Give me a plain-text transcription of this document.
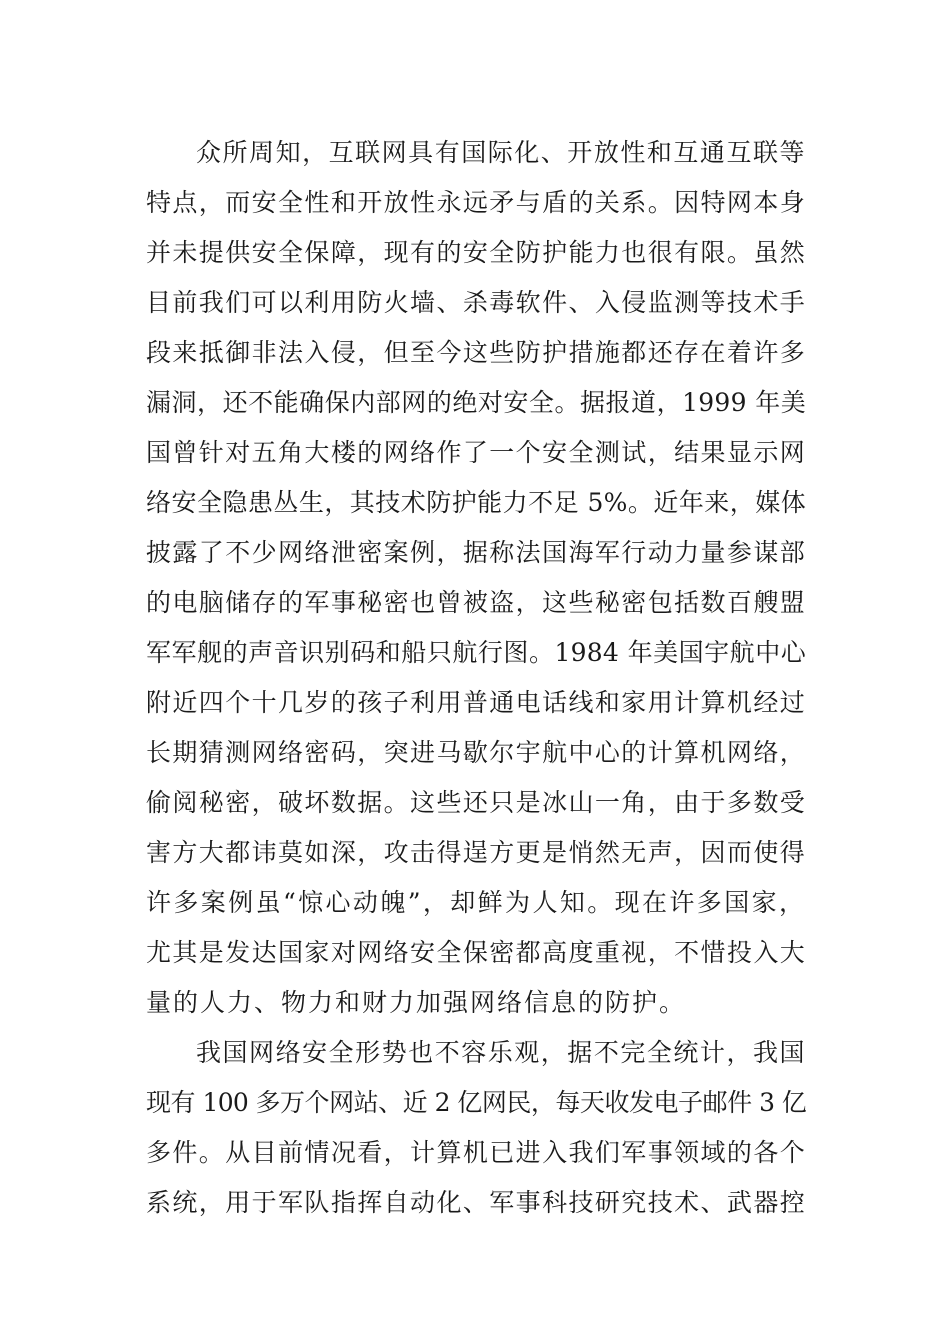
众所周知，互联网具有国际化、开放性和互通互联等
特点，而安全性和开放性永远矛与盾的关系。因特网本身
并未提供安全保障，现有的安全防护能力也很有限。虽然
目前我们可以利用防火墙、杀毒软件、入侵监测等技术手
段来抵御非法入侵，但至今这些防护措施都还存在着许多
漏洞，还不能确保内部网的绝对安全。据报道，1999 年美
国曾针对五角大楼的网络作了一个安全测试，结果显示网
络安全隐患丛生，其技术防护能力不足 5%。近年来，媒体
披露了不少网络泄密案例，据称法国海军行动力量参谋部
的电脑储存的军事秘密也曾被盗，这些秘密包括数百艘盟
军军舰的声音识别码和船只航行图。1984 年美国宇航中心
附近四个十几岁的孩子利用普通电话线和家用计算机经过
长期猜测网络密码，突进马歇尔宇航中心的计算机网络，
偷阅秘密，破坏数据。这些还只是冰山一角，由于多数受
害方大都讳莫如深，攻击得逞方更是悄然无声，因而使得
许多案例虽“惊心动魄”，却鲜为人知。现在许多国家，
尤其是发达国家对网络安全保密都高度重视，不惜投入大
量的人力、物力和财力加强网络信息的防护。
我国网络安全形势也不容乐观，据不完全统计，我国
现有 100 多万个网站、近 2 亿网民，每天收发电子邮件 3 亿
多件。从目前情况看，计算机已进入我们军事领域的各个
系统，用于军队指挥自动化、军事科技研究技术、武器控
